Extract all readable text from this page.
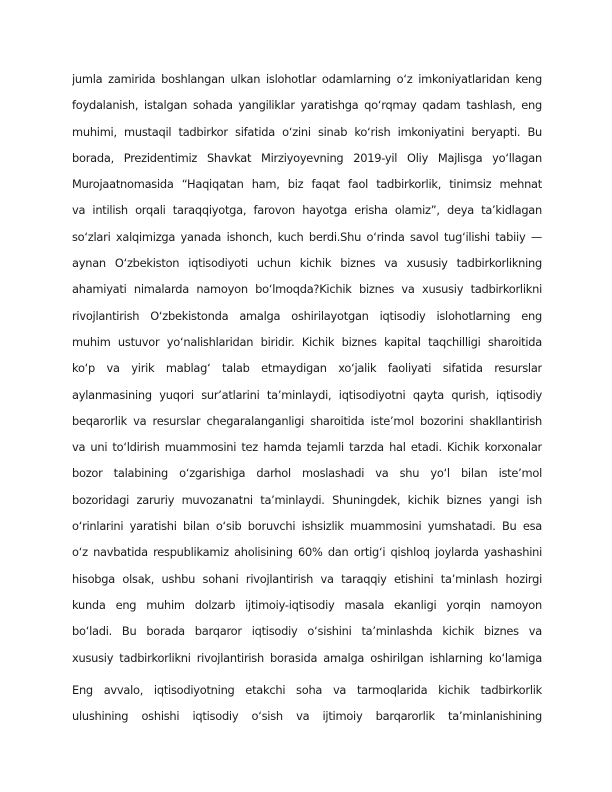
jumla zamirida boshlangan ulkan islohotlar odamlarning o‘z imkoniyatlaridan keng
foydalanish, istalgan sohada yangiliklar yaratishga qo‘rqmay qadam tashlash, eng
muhimi, mustaqil tadbirkor sifatida o‘zini sinab ko‘rish imkoniyatini beryapti. Bu
borada, Prezidentimiz Shavkat Mirziyoyevning 2019-yil Oliy Majlisga yo‘llagan
Murojaatnomasida “Haqiqatan ham, biz faqat faol tadbirkorlik, tinimsiz mehnat
va intilish orqali taraqqiyotga, farovon hayotga erisha olamiz”, deya ta’kidlagan
so‘zlari xalqimizga yanada ishonch, kuch berdi.Shu o‘rinda savol tug‘ilishi tabiiy —
aynan O‘zbekiston iqtisodiyoti uchun kichik biznes va xususiy tadbirkorlikning
ahamiyati nimalarda namoyon bo‘lmoqda?Kichik biznes va xususiy tadbirkorlikni
rivojlantirish O‘zbekistonda amalga oshirilayotgan iqtisodiy islohotlarning eng
muhim ustuvor yo‘nalishlaridan biridir. Kichik biznes kapital taqchilligi sharoitida
ko‘p va yirik mablag‘ talab etmaydigan xo‘jalik faoliyati sifatida resurslar
aylanmasining yuqori sur’atlarini ta’minlaydi, iqtisodiyotni qayta qurish, iqtisodiy
beqarorlik va resurslar chegaralanganligi sharoitida iste’mol bozorini shakllantirish
va uni to‘ldirish muammosini tez hamda tejamli tarzda hal etadi. Kichik korxonalar
bozor talabining o‘zgarishiga darhol moslashadi va shu yo‘l bilan iste’mol
bozoridagi zaruriy muvozanatni ta’minlaydi. Shuningdek, kichik biznes yangi ish
o‘rinlarini yaratishi bilan o‘sib boruvchi ishsizlik muammosini yumshatadi. Bu esa
o‘z navbatida respublikamiz aholisining 60% dan ortig‘i qishloq joylarda yashashini
hisobga olsak, ushbu sohani rivojlantirish va taraqqiy etishini ta’minlash hozirgi
kunda eng muhim dolzarb ijtimoiy-iqtisodiy masala ekanligi yorqin namoyon
bo‘ladi. Bu borada barqaror iqtisodiy o‘sishini ta’minlashda kichik biznes va
xususiy tadbirkorlikni rivojlantirish borasida amalga oshirilgan ishlarning ko‘lamiga
Eng avvalo, iqtisodiyotning etakchi soha va tarmoqlarida kichik tadbirkorlik
ulushining oshishi iqtisodiy o‘sish va ijtimoiy barqarorlik ta’minlanishining
